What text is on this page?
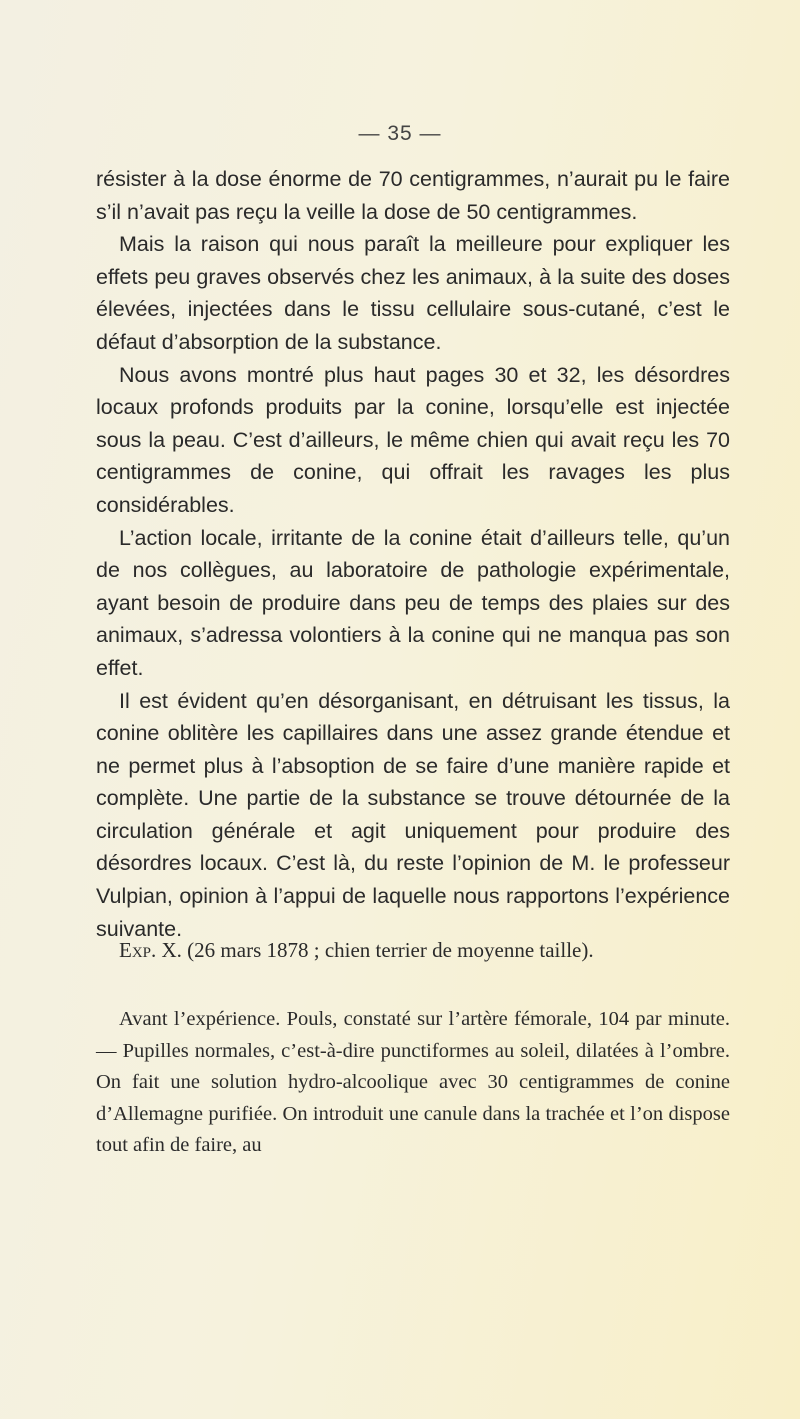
— 35 —

résister à la dose énorme de 70 centigrammes, n’aurait pu le faire s’il n’avait pas reçu la veille la dose de 50 centigrammes.

Mais la raison qui nous paraît la meilleure pour expliquer les effets peu graves observés chez les animaux, à la suite des doses élevées, injectées dans le tissu cellulaire sous-cutané, c’est le défaut d’absorption de la substance.

Nous avons montré plus haut pages 30 et 32, les désordres locaux profonds produits par la conine, lorsqu’elle est injectée sous la peau. C’est d’ailleurs, le même chien qui avait reçu les 70 centigrammes de conine, qui offrait les ravages les plus considérables.

L’action locale, irritante de la conine était d’ailleurs telle, qu’un de nos collègues, au laboratoire de pathologie expérimentale, ayant besoin de produire dans peu de temps des plaies sur des animaux, s’adressa volontiers à la conine qui ne manqua pas son effet.

Il est évident qu’en désorganisant, en détruisant les tissus, la conine oblitère les capillaires dans une assez grande étendue et ne permet plus à l’absoption de se faire d’une manière rapide et complète. Une partie de la substance se trouve détournée de la circulation générale et agit uniquement pour produire des désordres locaux. C’est là, du reste l’opinion de M. le professeur Vulpian, opinion à l’appui de laquelle nous rapportons l’expérience suivante.

Exp. X. (26 mars 1878 ; chien terrier de moyenne taille).

Avant l’expérience. Pouls, constaté sur l’artère fémorale, 104 par minute. — Pupilles normales, c’est-à-dire punctiformes au soleil, dilatées à l’ombre. On fait une solution hydro-alcoolique avec 30 centigrammes de conine d’Allemagne purifiée. On introduit une canule dans la trachée et l’on dispose tout afin de faire, au
